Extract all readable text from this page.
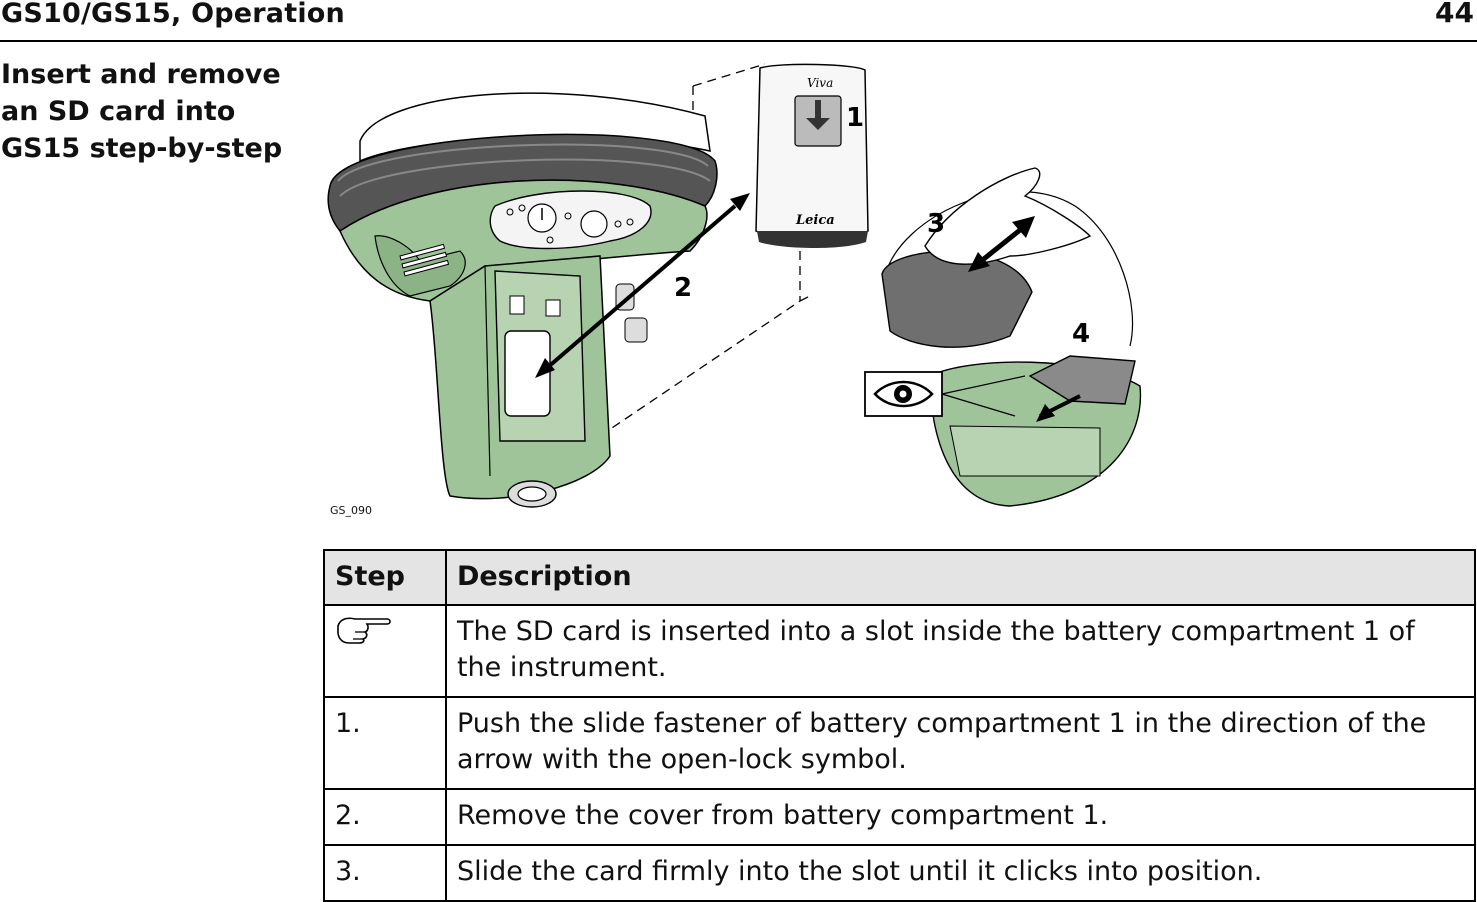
GS10/GS15, Operation	44
Insert and remove
an SD card into
GS15 step-by-step
Viva
Leica
1
2
3
4
GS_090
Step	Description
	The SD card is inserted into a slot inside the battery compartment 1 of the instrument.
1.	Push the slide fastener of battery compartment 1 in the direction of the arrow with the open-lock symbol.
2.	Remove the cover from battery compartment 1.
3.	Slide the card firmly into the slot until it clicks into position.
